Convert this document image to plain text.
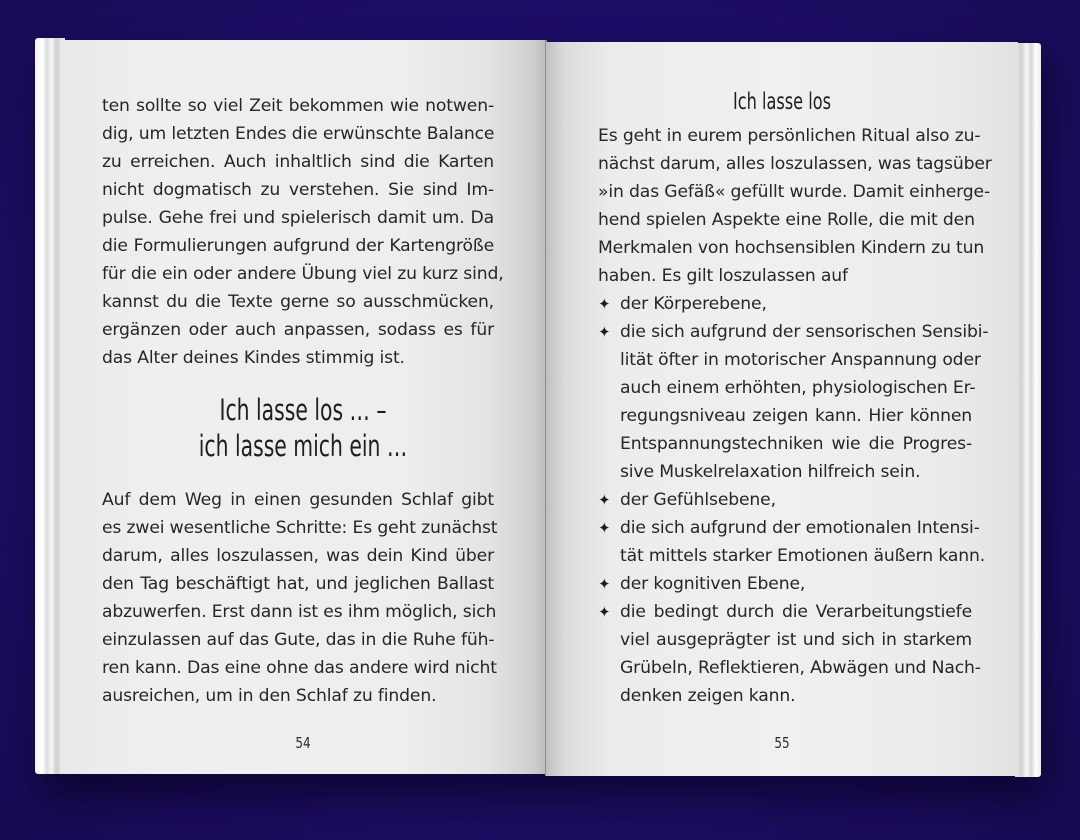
ten sollte so viel Zeit bekommen wie notwen-
dig, um letzten Endes die erwünschte Balance
zu erreichen. Auch inhaltlich sind die Karten
nicht dogmatisch zu verstehen. Sie sind Im-
pulse. Gehe frei und spielerisch damit um. Da
die Formulierungen aufgrund der Kartengröße
für die ein oder andere Übung viel zu kurz sind,
kannst du die Texte gerne so ausschmücken,
ergänzen oder auch anpassen, sodass es für
das Alter deines Kindes stimmig ist.
Ich lasse los … –
ich lasse mich ein …
Auf dem Weg in einen gesunden Schlaf gibt
es zwei wesentliche Schritte: Es geht zunächst
darum, alles loszulassen, was dein Kind über
den Tag beschäftigt hat, und jeglichen Ballast
abzuwerfen. Erst dann ist es ihm möglich, sich
einzulassen auf das Gute, das in die Ruhe füh-
ren kann. Das eine ohne das andere wird nicht
ausreichen, um in den Schlaf zu finden.
54
Ich lasse los
Es geht in eurem persönlichen Ritual also zu-
nächst darum, alles loszulassen, was tagsüber
»in das Gefäß« gefüllt wurde. Damit einherge-
hend spielen Aspekte eine Rolle, die mit den
Merkmalen von hochsensiblen Kindern zu tun
haben. Es gilt loszulassen auf
✦ der Körperebene,
✦ die sich aufgrund der sensorischen Sensibi-
lität öfter in motorischer Anspannung oder
auch einem erhöhten, physiologischen Er-
regungsniveau zeigen kann. Hier können
Entspannungstechniken wie die Progres-
sive Muskelrelaxation hilfreich sein.
✦ der Gefühlsebene,
✦ die sich aufgrund der emotionalen Intensi-
tät mittels starker Emotionen äußern kann.
✦ der kognitiven Ebene,
✦ die bedingt durch die Verarbeitungstiefe
viel ausgeprägter ist und sich in starkem
Grübeln, Reflektieren, Abwägen und Nach-
denken zeigen kann.
55
